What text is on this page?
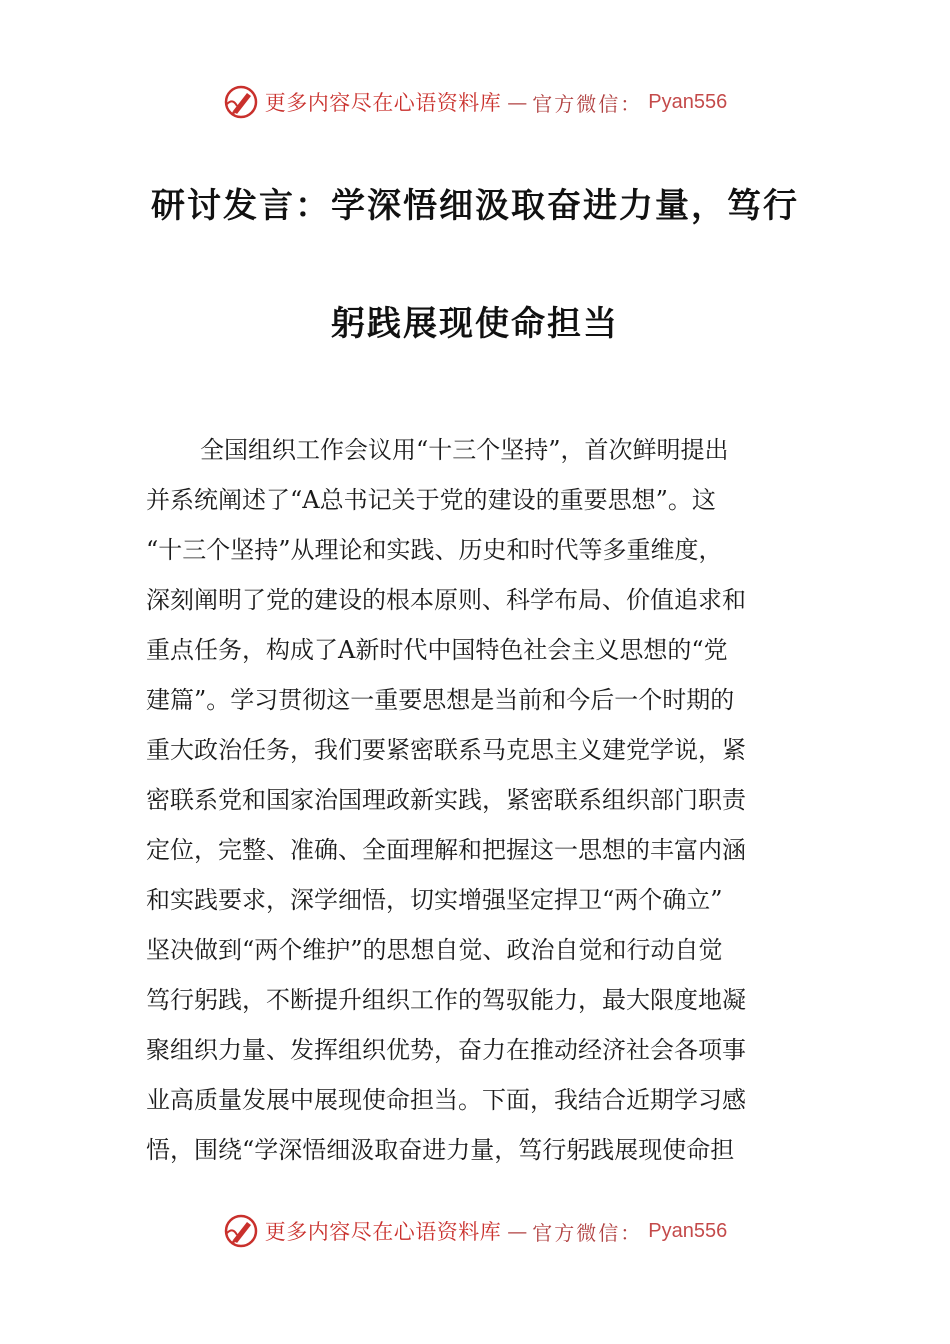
更多内容尽在心语资料库 — 官方微信： Pyan556
研讨发言：学深悟细汲取奋进力量，笃行
躬践展现使命担当
全国组织工作会议用“十三个坚持”，首次鲜明提出
并系统阐述了“A总书记关于党的建设的重要思想”。这
“十三个坚持”从理论和实践、历史和时代等多重维度，
深刻阐明了党的建设的根本原则、科学布局、价值追求和
重点任务，构成了A新时代中国特色社会主义思想的“党
建篇”。学习贯彻这一重要思想是当前和今后一个时期的
重大政治任务，我们要紧密联系马克思主义建党学说，紧
密联系党和国家治国理政新实践，紧密联系组织部门职责
定位，完整、准确、全面理解和把握这一思想的丰富内涵
和实践要求，深学细悟，切实增强坚定捍卫“两个确立”
坚决做到“两个维护”的思想自觉、政治自觉和行动自觉
笃行躬践，不断提升组织工作的驾驭能力，最大限度地凝
聚组织力量、发挥组织优势，奋力在推动经济社会各项事
业高质量发展中展现使命担当。下面，我结合近期学习感
悟，围绕“学深悟细汲取奋进力量，笃行躬践展现使命担
更多内容尽在心语资料库 — 官方微信： Pyan556
